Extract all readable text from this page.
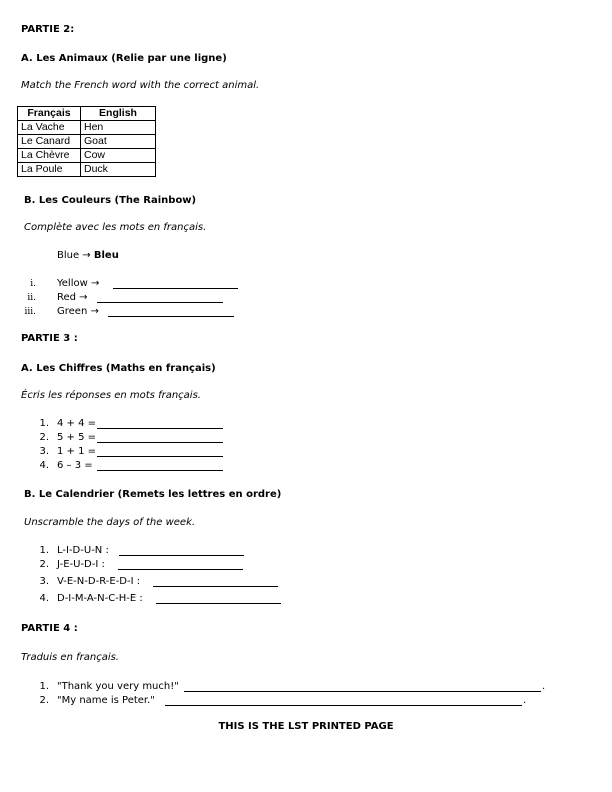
PARTIE 2:
A. Les Animaux (Relie par une ligne)
Match the French word with the correct animal.
Français	English
La Vache	Hen
Le Canard	Goat
La Chèvre	Cow
La Poule	Duck
B. Les Couleurs (The Rainbow)
Complète avec les mots en français.
Blue → Bleu
i. Yellow →
ii. Red →
iii. Green →
PARTIE 3 :
A. Les Chiffres (Maths en français)
Écris les réponses en mots français.
1. 4 + 4 =
2. 5 + 5 =
3. 1 + 1 =
4. 6 – 3 =
B. Le Calendrier (Remets les lettres en ordre)
Unscramble the days of the week.
1. L-I-D-U-N :
2. J-E-U-D-I :
3. V-E-N-D-R-E-D-I :
4. D-I-M-A-N-C-H-E :
PARTIE 4 :
Traduis en français.
1. "Thank you very much!"	.
2. "My name is Peter."	.
THIS IS THE LST PRINTED PAGE
